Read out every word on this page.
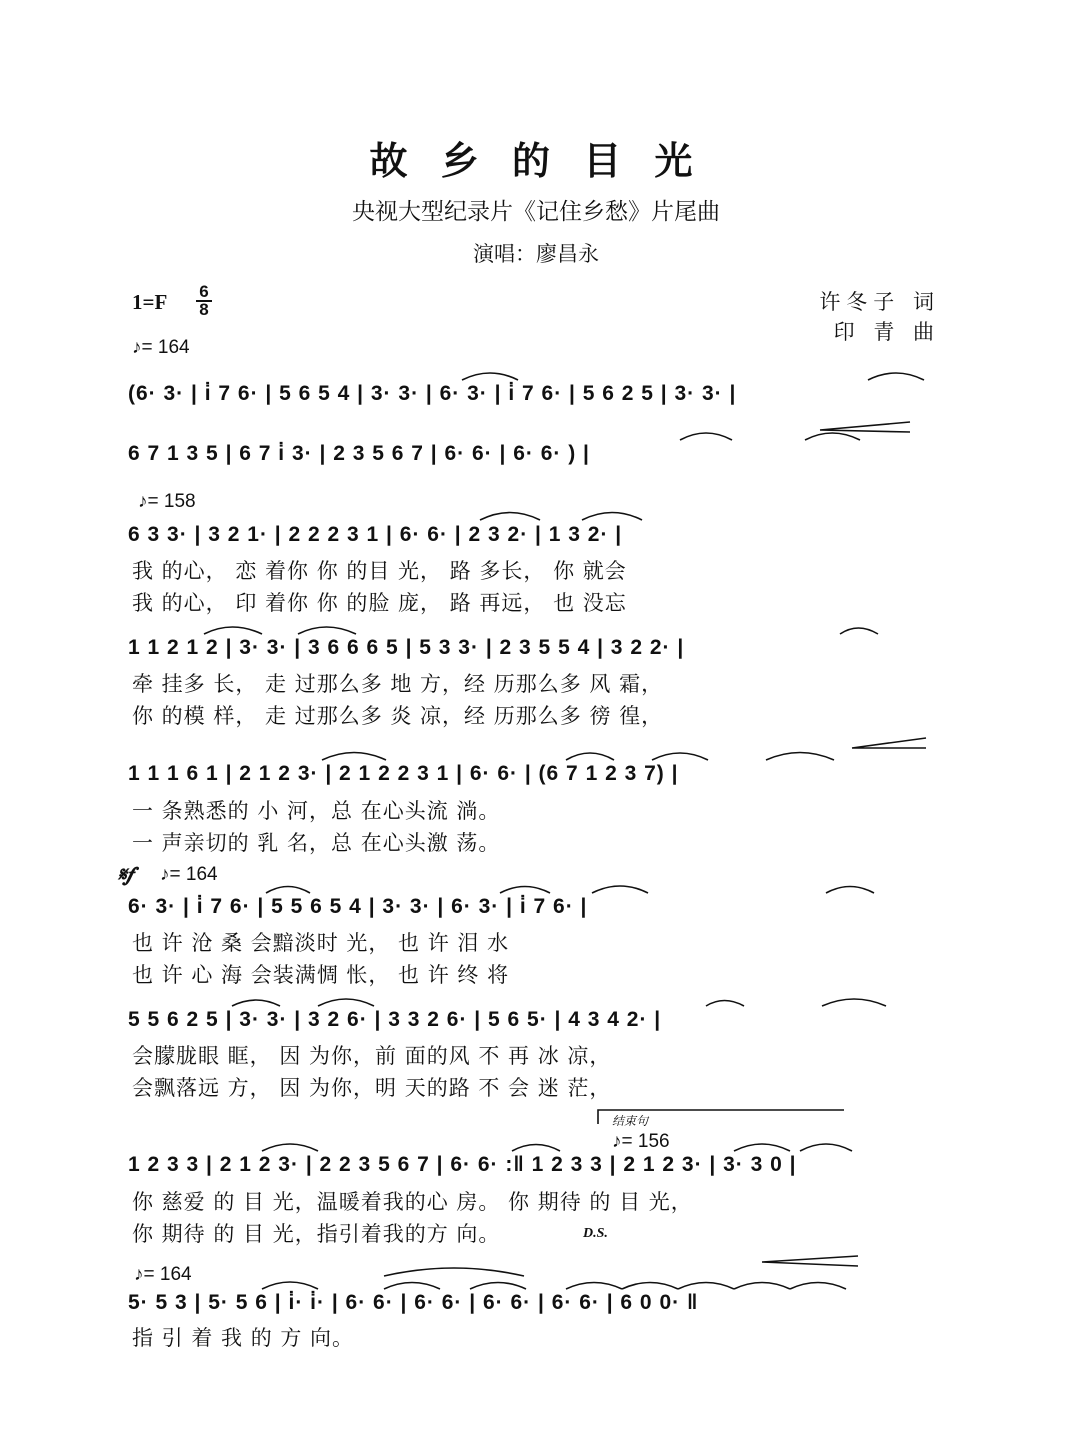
故 乡 的 目 光
央视大型纪录片《记住乡愁》片尾曲
演唱：廖昌永
许冬子 词
印 青 曲
$1=F \frac{6}{8}$
♪= 164
♪= 158
𝄋𝆑 ♪= 164
结束句
♪= 156
♪= 164
(6· 3· | i̇ 7 6· | 5 6 5 4 | 3· 3· | 6· 3· | i̇ 7 6· | 5 6 2 5 | 3· 3· |
6 7 1 3 5 | 6 7 i̇ 3· | 2 3 5 6 7 | 6· 6· | 6· 6· ) |
6 3 3· | 3 2 1· | 2 2 2 3 1 | 6· 6· | 2 3 2· | 1 3 2· |
我 的心， 恋 着你 你 的目 光， 路 多长， 你 就会
我 的心， 印 着你 你 的脸 庞， 路 再远， 也 没忘
1 1 2 1 2 | 3· 3· | 3 6 6 6 5 | 5 3 3· | 2 3 5 5 4 | 3 2 2· |
牵 挂多 长， 走 过那么多 地 方，经 历那么多 风 霜，
你 的模 样， 走 过那么多 炎 凉，经 历那么多 徬 徨，
1 1 1 6 1 | 2 1 2 3· | 2 1 2 2 3 1 | 6· 6· | (6 7 1 2 3 7) |
一 条熟悉的 小 河，总 在心头流 淌。
一 声亲切的 乳 名，总 在心头激 荡。
6· 3· | i̇ 7 6· | 5 5 6 5 4 | 3· 3· | 6· 3· | i̇ 7 6· |
也 许 沧 桑 会黯淡时 光， 也 许 泪 水
也 许 心 海 会装满惆 怅， 也 许 终 将
5 5 6 2 5 | 3· 3· | 3 2 6· | 3 3 2 6· | 5 6 5· | 4 3 4 2· |
会朦胧眼 眶， 因 为你，前 面的风 不 再 冰 凉，
会飘落远 方， 因 为你，明 天的路 不 会 迷 茫，
1 2 3 3 | 2 1 2 3· | 2 2 3 5 6 7 | 6· 6· :‖ 1 2 3 3 | 2 1 2 3· | 3· 3 0 |
你 慈爱 的 目 光，温暖着我的心 房。 你 期待 的 目 光，
你 期待 的 目 光，指引着我的方 向。	D.S.
5· 5 3 | 5· 5 6 | i̇· i̇· | 6· 6· | 6· 6· | 6· 6· | 6· 6· | 6 0 0· ‖
指 引 着 我 的 方 向。
